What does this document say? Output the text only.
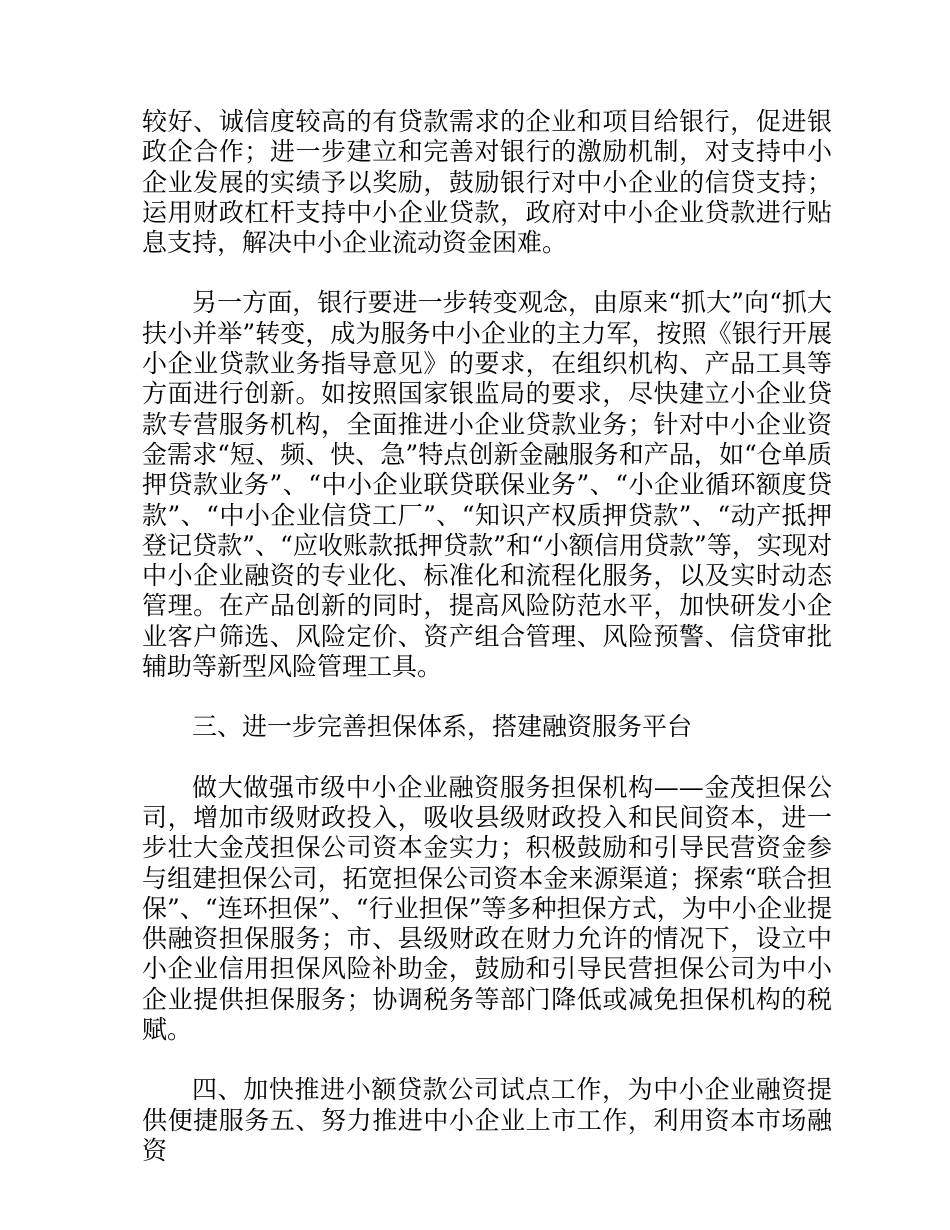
较好、诚信度较高的有贷款需求的企业和项目给银行，促进银政企合作；进一步建立和完善对银行的激励机制，对支持中小企业发展的实绩予以奖励，鼓励银行对中小企业的信贷支持；运用财政杠杆支持中小企业贷款，政府对中小企业贷款进行贴息支持，解决中小企业流动资金困难。

另一方面，银行要进一步转变观念，由原来“抓大”向“抓大扶小并举”转变，成为服务中小企业的主力军，按照《银行开展小企业贷款业务指导意见》的要求，在组织机构、产品工具等方面进行创新。如按照国家银监局的要求，尽快建立小企业贷款专营服务机构，全面推进小企业贷款业务；针对中小企业资金需求“短、频、快、急”特点创新金融服务和产品，如“仓单质押贷款业务”、“中小企业联贷联保业务”、“小企业循环额度贷款”、“中小企业信贷工厂”、“知识产权质押贷款”、“动产抵押登记贷款”、“应收账款抵押贷款”和“小额信用贷款”等，实现对中小企业融资的专业化、标准化和流程化服务，以及实时动态管理。在产品创新的同时，提高风险防范水平，加快研发小企业客户筛选、风险定价、资产组合管理、风险预警、信贷审批辅助等新型风险管理工具。

三、进一步完善担保体系，搭建融资服务平台

做大做强市级中小企业融资服务担保机构——金茂担保公司，增加市级财政投入，吸收县级财政投入和民间资本，进一步壮大金茂担保公司资本金实力；积极鼓励和引导民营资金参与组建担保公司，拓宽担保公司资本金来源渠道；探索“联合担保”、“连环担保”、“行业担保”等多种担保方式，为中小企业提供融资担保服务；市、县级财政在财力允许的情况下，设立中小企业信用担保风险补助金，鼓励和引导民营担保公司为中小企业提供担保服务；协调税务等部门降低或减免担保机构的税赋。

四、加快推进小额贷款公司试点工作，为中小企业融资提供便捷服务五、努力推进中小企业上市工作，利用资本市场融资
